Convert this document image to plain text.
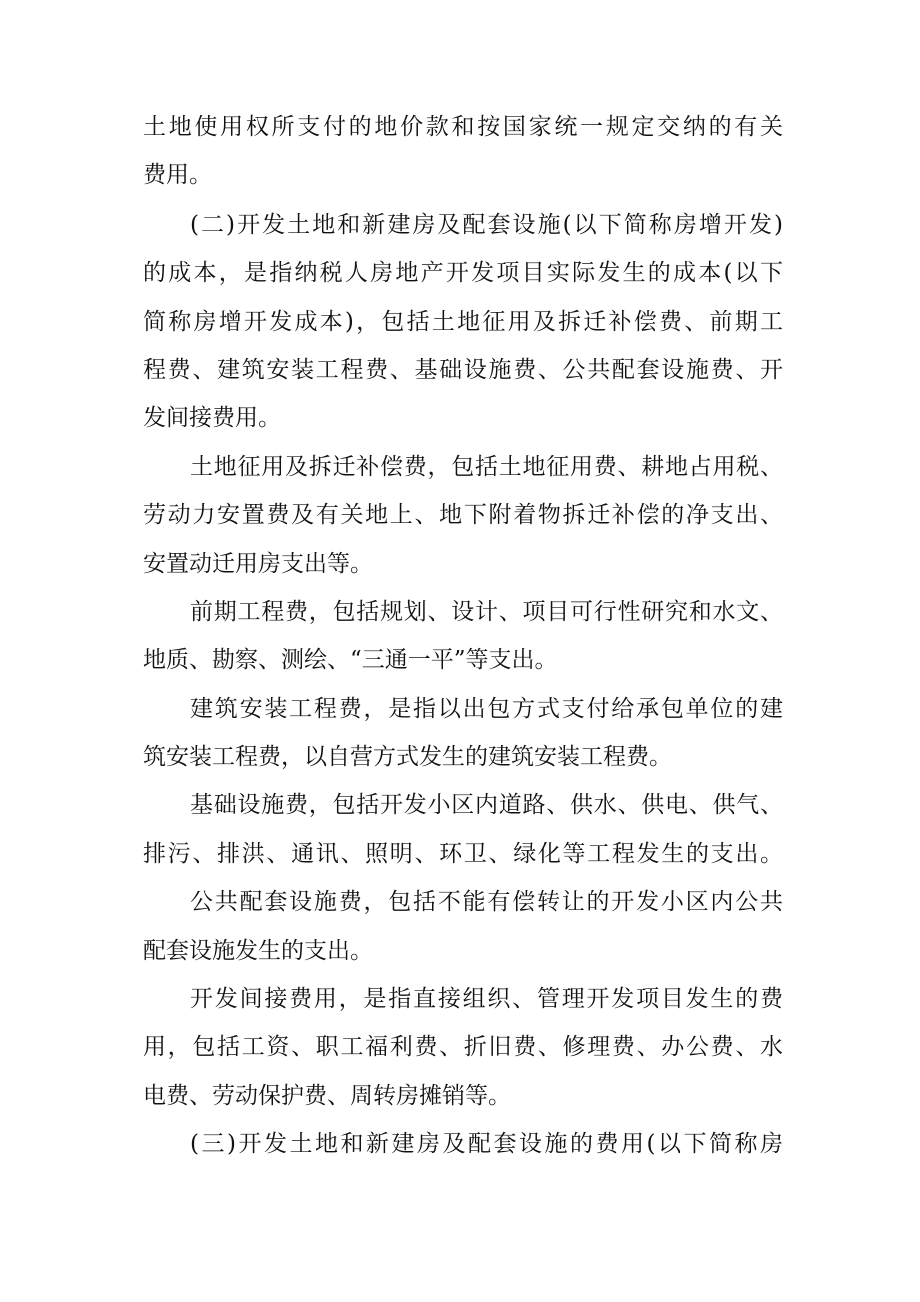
土地使用权所支付的地价款和按国家统一规定交纳的有关
费用。
(二)开发土地和新建房及配套设施(以下简称房增开发)
的成本，是指纳税人房地产开发项目实际发生的成本(以下
简称房增开发成本)，包括土地征用及拆迁补偿费、前期工
程费、建筑安装工程费、基础设施费、公共配套设施费、开
发间接费用。
土地征用及拆迁补偿费，包括土地征用费、耕地占用税、
劳动力安置费及有关地上、地下附着物拆迁补偿的净支出、
安置动迁用房支出等。
前期工程费，包括规划、设计、项目可行性研究和水文、
地质、勘察、测绘、“三通一平”等支出。
建筑安装工程费，是指以出包方式支付给承包单位的建
筑安装工程费，以自营方式发生的建筑安装工程费。
基础设施费，包括开发小区内道路、供水、供电、供气、
排污、排洪、通讯、照明、环卫、绿化等工程发生的支出。
公共配套设施费，包括不能有偿转让的开发小区内公共
配套设施发生的支出。
开发间接费用，是指直接组织、管理开发项目发生的费
用，包括工资、职工福利费、折旧费、修理费、办公费、水
电费、劳动保护费、周转房摊销等。
(三)开发土地和新建房及配套设施的费用(以下简称房
